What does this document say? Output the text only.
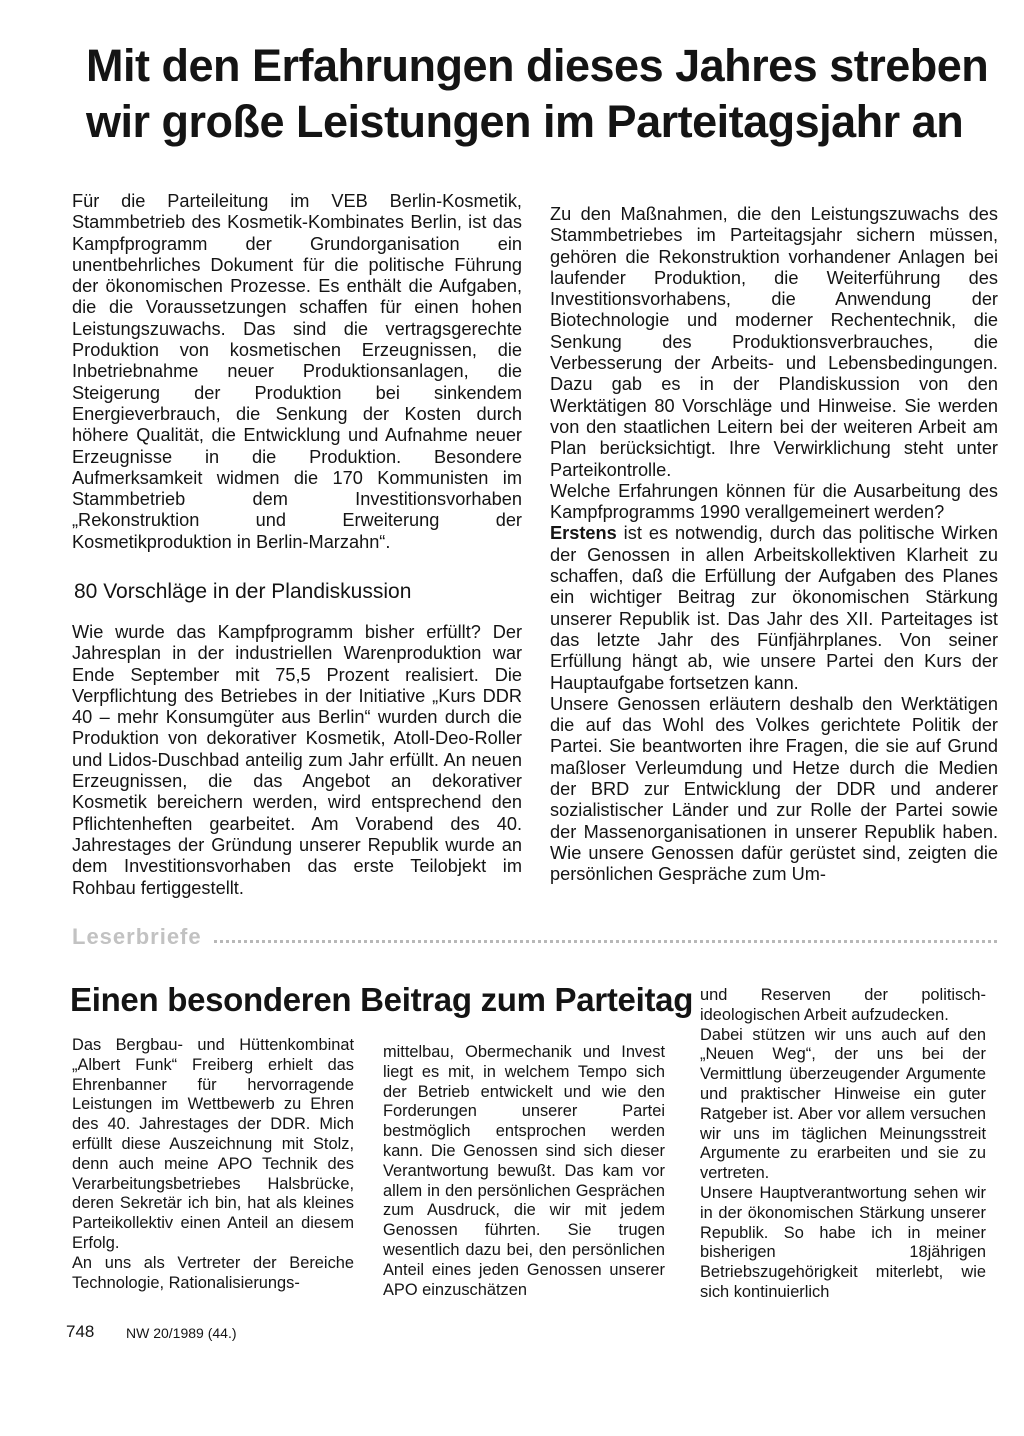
Mit den Erfahrungen dieses Jahres streben
wir große Leistungen im Parteitagsjahr an

Für die Parteileitung im VEB Berlin-Kosmetik, Stammbetrieb des Kosmetik-Kombinates Berlin, ist das Kampfprogramm der Grundorganisation ein unentbehrliches Dokument für die politische Führung der ökonomischen Prozesse. Es enthält die Aufgaben, die die Voraussetzungen schaffen für einen hohen Leistungszuwachs. Das sind die vertragsgerechte Produktion von kosmetischen Erzeugnissen, die Inbetriebnahme neuer Produktionsanlagen, die Steigerung der Produktion bei sinkendem Energieverbrauch, die Senkung der Kosten durch höhere Qualität, die Entwicklung und Aufnahme neuer Erzeugnisse in die Produktion. Besondere Aufmerksamkeit widmen die 170 Kommunisten im Stammbetrieb dem Investitionsvorhaben „Rekonstruktion und Erweiterung der Kosmetikproduktion in Berlin-Marzahn“.

80 Vorschläge in der Plandiskussion

Wie wurde das Kampfprogramm bisher erfüllt? Der Jahresplan in der industriellen Warenproduktion war Ende September mit 75,5 Prozent realisiert. Die Verpflichtung des Betriebes in der Initiative „Kurs DDR 40 – mehr Konsumgüter aus Berlin“ wurden durch die Produktion von dekorativer Kosmetik, Atoll-Deo-Roller und Lidos-Duschbad anteilig zum Jahr erfüllt. An neuen Erzeugnissen, die das Angebot an dekorativer Kosmetik bereichern werden, wird entsprechend den Pflichtenheften gearbeitet. Am Vorabend des 40. Jahrestages der Gründung unserer Republik wurde an dem Investitionsvorhaben das erste Teilobjekt im Rohbau fertiggestellt.

Zu den Maßnahmen, die den Leistungszuwachs des Stammbetriebes im Parteitagsjahr sichern müssen, gehören die Rekonstruktion vorhandener Anlagen bei laufender Produktion, die Weiterführung des Investitionsvorhabens, die Anwendung der Biotechnologie und moderner Rechentechnik, die Senkung des Produktionsverbrauches, die Verbesserung der Arbeits- und Lebensbedingungen. Dazu gab es in der Plandiskussion von den Werktätigen 80 Vorschläge und Hinweise. Sie werden von den staatlichen Leitern bei der weiteren Arbeit am Plan berücksichtigt. Ihre Verwirklichung steht unter Parteikontrolle.

Welche Erfahrungen können für die Ausarbeitung des Kampfprogramms 1990 verallgemeinert werden?

Erstens ist es notwendig, durch das politische Wirken der Genossen in allen Arbeitskollektiven Klarheit zu schaffen, daß die Erfüllung der Aufgaben des Planes ein wichtiger Beitrag zur ökonomischen Stärkung unserer Republik ist. Das Jahr des XII. Parteitages ist das letzte Jahr des Fünfjährplanes. Von seiner Erfüllung hängt ab, wie unsere Partei den Kurs der Hauptaufgabe fortsetzen kann.

Unsere Genossen erläutern deshalb den Werktätigen die auf das Wohl des Volkes gerichtete Politik der Partei. Sie beantworten ihre Fragen, die sie auf Grund maßloser Verleumdung und Hetze durch die Medien der BRD zur Entwicklung der DDR und anderer sozialistischer Länder und zur Rolle der Partei sowie der Massenorganisationen in unserer Republik haben. Wie unsere Genossen dafür gerüstet sind, zeigten die persönlichen Gespräche zum Um-

Leserbriefe
Einen besonderen Beitrag zum Parteitag

Das Bergbau- und Hüttenkombinat „Albert Funk“ Freiberg erhielt das Ehrenbanner für hervorragende Leistungen im Wettbewerb zu Ehren des 40. Jahrestages der DDR. Mich erfüllt diese Auszeichnung mit Stolz, denn auch meine APO Technik des Verarbeitungsbetriebes Halsbrücke, deren Sekretär ich bin, hat als kleines Parteikollektiv einen Anteil an diesem Erfolg.

An uns als Vertreter der Bereiche Technologie, Rationalisierungs-

mittelbau, Obermechanik und Invest liegt es mit, in welchem Tempo sich der Betrieb entwickelt und wie den Forderungen unserer Partei bestmöglich entsprochen werden kann. Die Genossen sind sich dieser Verantwortung bewußt. Das kam vor allem in den persönlichen Gesprächen zum Ausdruck, die wir mit jedem Genossen führten. Sie trugen wesentlich dazu bei, den persönlichen Anteil eines jeden Genossen unserer APO einzuschätzen

und Reserven der politisch-ideologischen Arbeit aufzudecken.

Dabei stützen wir uns auch auf den „Neuen Weg“, der uns bei der Vermittlung überzeugender Argumente und praktischer Hinweise ein guter Ratgeber ist. Aber vor allem versuchen wir uns im täglichen Meinungsstreit Argumente zu erarbeiten und sie zu vertreten.

Unsere Hauptverantwortung sehen wir in der ökonomischen Stärkung unserer Republik. So habe ich in meiner bisherigen 18jährigen Betriebszugehörigkeit miterlebt, wie sich kontinuierlich

748 NW 20/1989 (44.)
